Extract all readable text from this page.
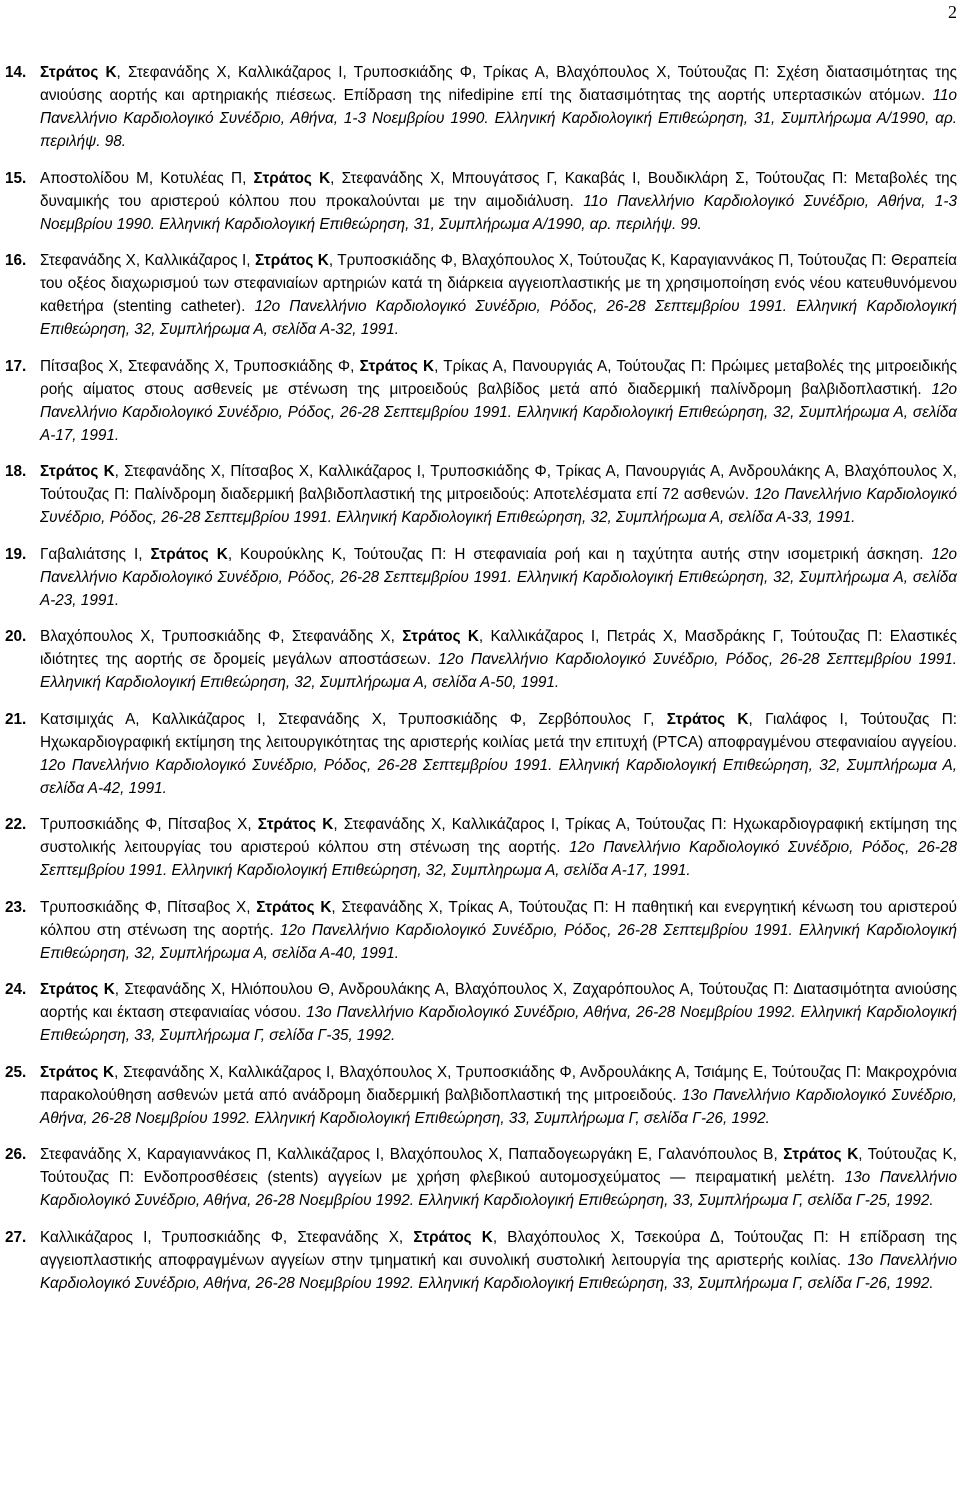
2
14. Στράτος Κ, Στεφανάδης Χ, Καλλικάζαρος Ι, Τρυποσκιάδης Φ, Τρίκας Α, Βλαχόπουλος Χ, Τούτουζας Π: Σχέση διατασιμότητας της ανιούσης αορτής και αρτηριακής πιέσεως. Επίδραση της nifedipine επί της διατασιμότητας της αορτής υπερτασικών ατόμων. 11ο Πανελλήνιο Καρδιολογικό Συνέδριο, Αθήνα, 1-3 Νοεμβρίου 1990. Ελληνική Καρδιολογική Επιθεώρηση, 31, Συμπλήρωμα Α/1990, αρ. περιλήψ. 98.
15. Αποστολίδου Μ, Κοτυλέας Π, Στράτος Κ, Στεφανάδης Χ, Μπουγάτσος Γ, Κακαβάς Ι, Βουδικλάρη Σ, Τούτουζας Π: Μεταβολές της δυναμικής του αριστερού κόλπου που προκαλούνται με την αιμοδιάλυση. 11ο Πανελλήνιο Καρδιολογικό Συνέδριο, Αθήνα, 1-3 Νοεμβρίου 1990. Ελληνική Καρδιολογική Επιθεώρηση, 31, Συμπλήρωμα Α/1990, αρ. περιλήψ. 99.
16. Στεφανάδης Χ, Καλλικάζαρος Ι, Στράτος Κ, Τρυποσκιάδης Φ, Βλαχόπουλος Χ, Τούτουζας Κ, Καραγιαννάκος Π, Τούτουζας Π: Θεραπεία του οξέος διαχωρισμού των στεφανιαίων αρτηριών κατά τη διάρκεια αγγειοπλαστικής με τη χρησιμοποίηση ενός νέου κατευθυνόμενου καθετήρα (stenting catheter). 12ο Πανελλήνιο Καρδιολογικό Συνέδριο, Ρόδος, 26-28 Σεπτεμβρίου 1991. Ελληνική Καρδιολογική Επιθεώρηση, 32, Συμπλήρωμα Α, σελίδα Α-32, 1991.
17. Πίτσαβος Χ, Στεφανάδης Χ, Τρυποσκιάδης Φ, Στράτος Κ, Τρίκας Α, Πανουργιάς Α, Τούτουζας Π: Πρώιμες μεταβολές της μιτροειδικής ροής αίματος στους ασθενείς με στένωση της μιτροειδούς βαλβίδος μετά από διαδερμική παλίνδρομη βαλβιδοπλαστική. 12ο Πανελλήνιο Καρδιολογικό Συνέδριο, Ρόδος, 26-28 Σεπτεμβρίου 1991. Ελληνική Καρδιολογική Επιθεώρηση, 32, Συμπλήρωμα Α, σελίδα Α-17, 1991.
18. Στράτος Κ, Στεφανάδης Χ, Πίτσαβος Χ, Καλλικάζαρος Ι, Τρυποσκιάδης Φ, Τρίκας Α, Πανουργιάς Α, Ανδρουλάκης Α, Βλαχόπουλος Χ, Τούτουζας Π: Παλίνδρομη διαδερμική βαλβιδοπλαστική της μιτροειδούς: Αποτελέσματα επί 72 ασθενών. 12ο Πανελλήνιο Καρδιολογικό Συνέδριο, Ρόδος, 26-28 Σεπτεμβρίου 1991. Ελληνική Καρδιολογική Επιθεώρηση, 32, Συμπλήρωμα Α, σελίδα Α-33, 1991.
19. Γαβαλιάτσης Ι, Στράτος Κ, Κουρούκλης Κ, Τούτουζας Π: Η στεφανιαία ροή και η ταχύτητα αυτής στην ισομετρική άσκηση. 12ο Πανελλήνιο Καρδιολογικό Συνέδριο, Ρόδος, 26-28 Σεπτεμβρίου 1991. Ελληνική Καρδιολογική Επιθεώρηση, 32, Συμπλήρωμα Α, σελίδα Α-23, 1991.
20. Βλαχόπουλος Χ, Τρυποσκιάδης Φ, Στεφανάδης Χ, Στράτος Κ, Καλλικάζαρος Ι, Πετράς Χ, Μασδράκης Γ, Τούτουζας Π: Ελαστικές ιδιότητες της αορτής σε δρομείς μεγάλων αποστάσεων. 12ο Πανελλήνιο Καρδιολογικό Συνέδριο, Ρόδος, 26-28 Σεπτεμβρίου 1991. Ελληνική Καρδιολογική Επιθεώρηση, 32, Συμπλήρωμα Α, σελίδα Α-50, 1991.
21. Κατσιμιχάς Α, Καλλικάζαρος Ι, Στεφανάδης Χ, Τρυποσκιάδης Φ, Ζερβόπουλος Γ, Στράτος Κ, Γιαλάφος Ι, Τούτουζας Π: Ηχωκαρδιογραφική εκτίμηση της λειτουργικότητας της αριστερής κοιλίας μετά την επιτυχή (PTCA) αποφραγμένου στεφανιαίου αγγείου. 12ο Πανελλήνιο Καρδιολογικό Συνέδριο, Ρόδος, 26-28 Σεπτεμβρίου 1991. Ελληνική Καρδιολογική Επιθεώρηση, 32, Συμπλήρωμα Α, σελίδα Α-42, 1991.
22. Τρυποσκιάδης Φ, Πίτσαβος Χ, Στράτος Κ, Στεφανάδης Χ, Καλλικάζαρος Ι, Τρίκας Α, Τούτουζας Π: Ηχωκαρδιογραφική εκτίμηση της συστολικής λειτουργίας του αριστερού κόλπου στη στένωση της αορτής. 12ο Πανελλήνιο Καρδιολογικό Συνέδριο, Ρόδος, 26-28 Σεπτεμβρίου 1991. Ελληνική Καρδιολογική Επιθεώρηση, 32, Συμπληρωμα Α, σελίδα Α-17, 1991.
23. Τρυποσκιάδης Φ, Πίτσαβος Χ, Στράτος Κ, Στεφανάδης Χ, Τρίκας Α, Τούτουζας Π: Η παθητική και ενεργητική κένωση του αριστερού κόλπου στη στένωση της αορτής. 12ο Πανελλήνιο Καρδιολογικό Συνέδριο, Ρόδος, 26-28 Σεπτεμβρίου 1991. Ελληνική Καρδιολογική Επιθεώρηση, 32, Συμπλήρωμα Α, σελίδα Α-40, 1991.
24. Στράτος Κ, Στεφανάδης Χ, Ηλιόπουλου Θ, Ανδρουλάκης Α, Βλαχόπουλος Χ, Ζαχαρόπουλος Α, Τούτουζας Π: Διατασιμότητα ανιούσης αορτής και έκταση στεφανιαίας νόσου. 13ο Πανελλήνιο Καρδιολογικό Συνέδριο, Αθήνα, 26-28 Νοεμβρίου 1992. Ελληνική Καρδιολογική Επιθεώρηση, 33, Συμπλήρωμα Γ, σελίδα Γ-35, 1992.
25. Στράτος Κ, Στεφανάδης Χ, Καλλικάζαρος Ι, Βλαχόπουλος Χ, Τρυποσκιάδης Φ, Ανδρουλάκης Α, Τσιάμης Ε, Τούτουζας Π: Μακροχρόνια παρακολούθηση ασθενών μετά από ανάδρομη διαδερμική βαλβιδοπλαστική της μιτροειδούς. 13ο Πανελλήνιο Καρδιολογικό Συνέδριο, Αθήνα, 26-28 Νοεμβρίου 1992. Ελληνική Καρδιολογική Επιθεώρηση, 33, Συμπλήρωμα Γ, σελίδα Γ-26, 1992.
26. Στεφανάδης Χ, Καραγιαννάκος Π, Καλλικάζαρος Ι, Βλαχόπουλος Χ, Παπαδογεωργάκη Ε, Γαλανόπουλος Β, Στράτος Κ, Τούτουζας Κ, Τούτουζας Π: Ενδοπροσθέσεις (stents) αγγείων με χρήση φλεβικού αυτομοσχεύματος — πειραματική μελέτη. 13ο Πανελλήνιο Καρδιολογικό Συνέδριο, Αθήνα, 26-28 Νοεμβρίου 1992. Ελληνική Καρδιολογική Επιθεώρηση, 33, Συμπλήρωμα Γ, σελίδα Γ-25, 1992.
27. Καλλικάζαρος Ι, Τρυποσκιάδης Φ, Στεφανάδης Χ, Στράτος Κ, Βλαχόπουλος Χ, Τσεκούρα Δ, Τούτουζας Π: Η επίδραση της αγγειοπλαστικής αποφραγμένων αγγείων στην τμηματική και συνολική συστολική λειτουργία της αριστερής κοιλίας. 13ο Πανελλήνιο Καρδιολογικό Συνέδριο, Αθήνα, 26-28 Νοεμβρίου 1992. Ελληνική Καρδιολογική Επιθεώρηση, 33, Συμπλήρωμα Γ, σελίδα Γ-26, 1992.
